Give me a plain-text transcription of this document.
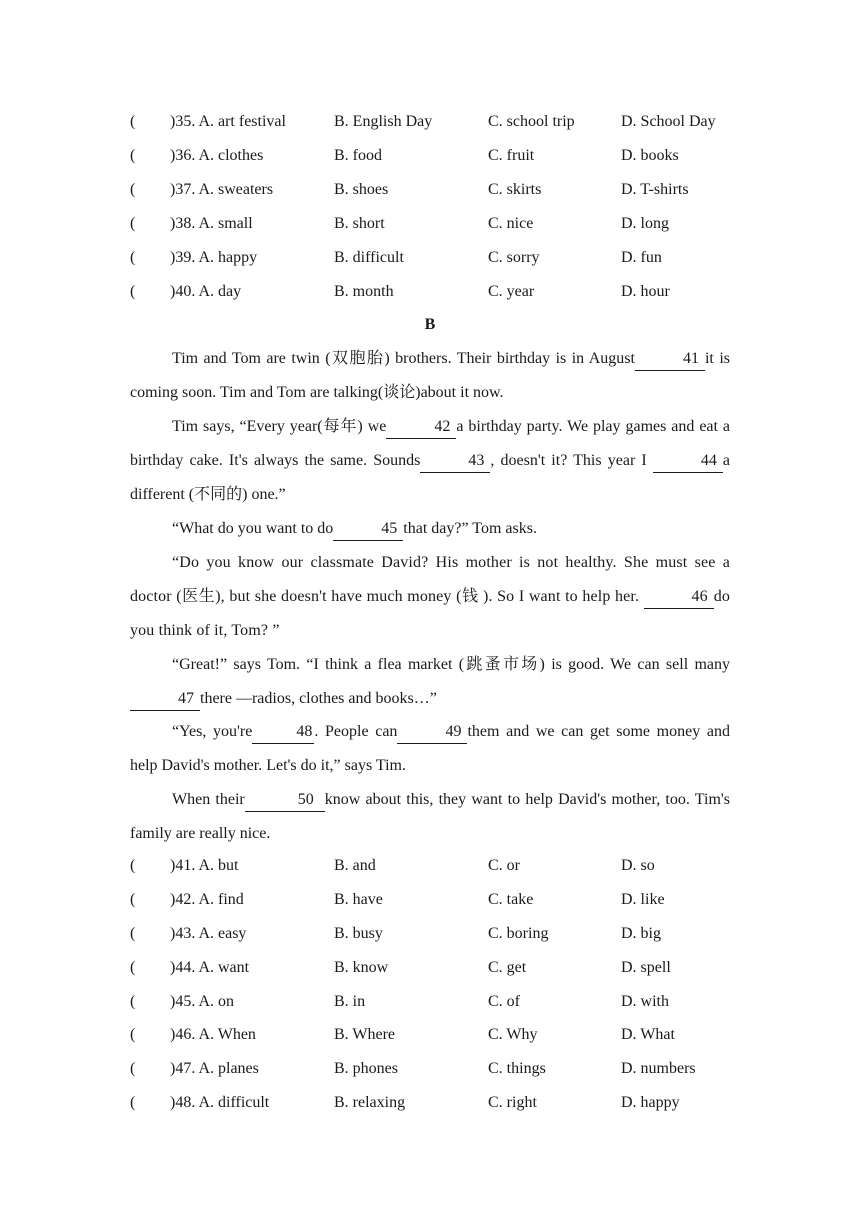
( )35. A. art festival	B. English Day	C. school trip	D. School Day
( )36. A. clothes	B. food	C. fruit	D. books
( )37. A. sweaters	B. shoes	C. skirts	D. T-shirts
( )38. A. small	B. short	C. nice	D. long
( )39. A. happy	B. difficult	C. sorry	D. fun
( )40. A. day	B. month	C. year	D. hour
B
Tim and Tom are twin (双胞胎) brothers. Their birthday is in August	41 it is coming soon. Tim and Tom are talking(谈论)about it now.
Tim says, “Every year(每年) we	42 a birthday party. We play games and eat a birthday cake. It's always the same. Sounds	43 , doesn't it? This year I	44 a different (不同的) one.”
“What do you want to do	45 that day?” Tom asks.
“Do you know our classmate David? His mother is not healthy. She must see a doctor (医生), but she doesn't have much money (钱 ). So I want to help her.	46 do you think of it, Tom? ”
“Great!” says Tom. “I think a flea market (跳蚤市场) is good. We can sell many 47 there —radios, clothes and books…”
“Yes, you're	48 . People can	49 them and we can get some money and help David's mother. Let's do it,” says Tim.
When their	50 know about this, they want to help David's mother, too. Tim's family are really nice.
( )41. A. but	B. and	C. or	D. so
( )42. A. find	B. have	C. take	D. like
( )43. A. easy	B. busy	C. boring	D. big
( )44. A. want	B. know	C. get	D. spell
( )45. A. on	B. in	C. of	D. with
( )46. A. When	B. Where	C. Why	D. What
( )47. A. planes	B. phones	C. things	D. numbers
( )48. A. difficult	B. relaxing	C. right	D. happy
